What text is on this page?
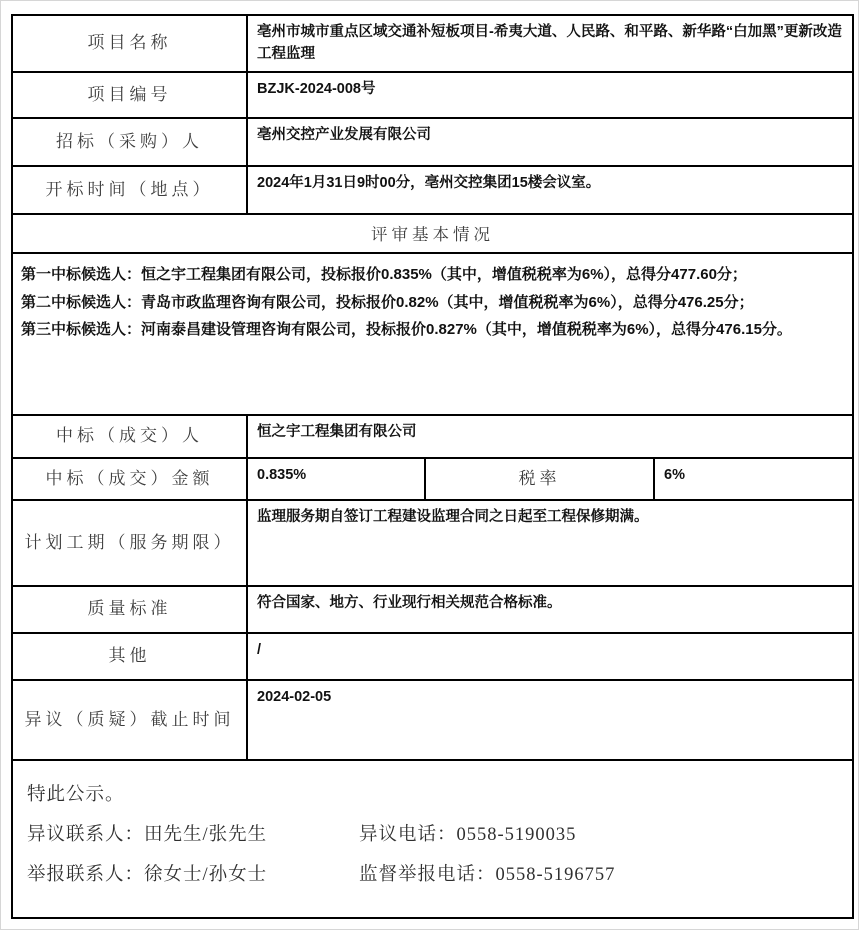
项目名称	亳州市城市重点区域交通补短板项目-希夷大道、人民路、和平路、新华路“白加黑”更新改造工程监理		
项目编号	BZJK-2024-008号		
招标（采购）人	亳州交控产业发展有限公司		
开标时间（地点）	2024年1月31日9时00分，亳州交控集团15楼会议室。		
评审基本情况			

第一中标候选人：恒之宇工程集团有限公司，投标报价0.835%（其中，增值税税率为6%），总得分477.60分；
第二中标候选人：青岛市政监理咨询有限公司，投标报价0.82%（其中，增值税税率为6%），总得分476.25分；
第三中标候选人：河南泰昌建设管理咨询有限公司，投标报价0.827%（其中，增值税税率为6%），总得分476.15分。			

中标（成交）人	恒之宇工程集团有限公司		
中标（成交）金额	0.835%	税率	6%
计划工期（服务期限）	监理服务期自签订工程建设监理合同之日起至工程保修期满。		
质量标准	符合国家、地方、行业现行相关规范合格标准。		
其他	/		
异议（质疑）截止时间	2024-02-05		

特此公示。
异议联系人：田先生/张先生 异议电话：0558-5190035
举报联系人：徐女士/孙女士 监督举报电话：0558-5196757			
